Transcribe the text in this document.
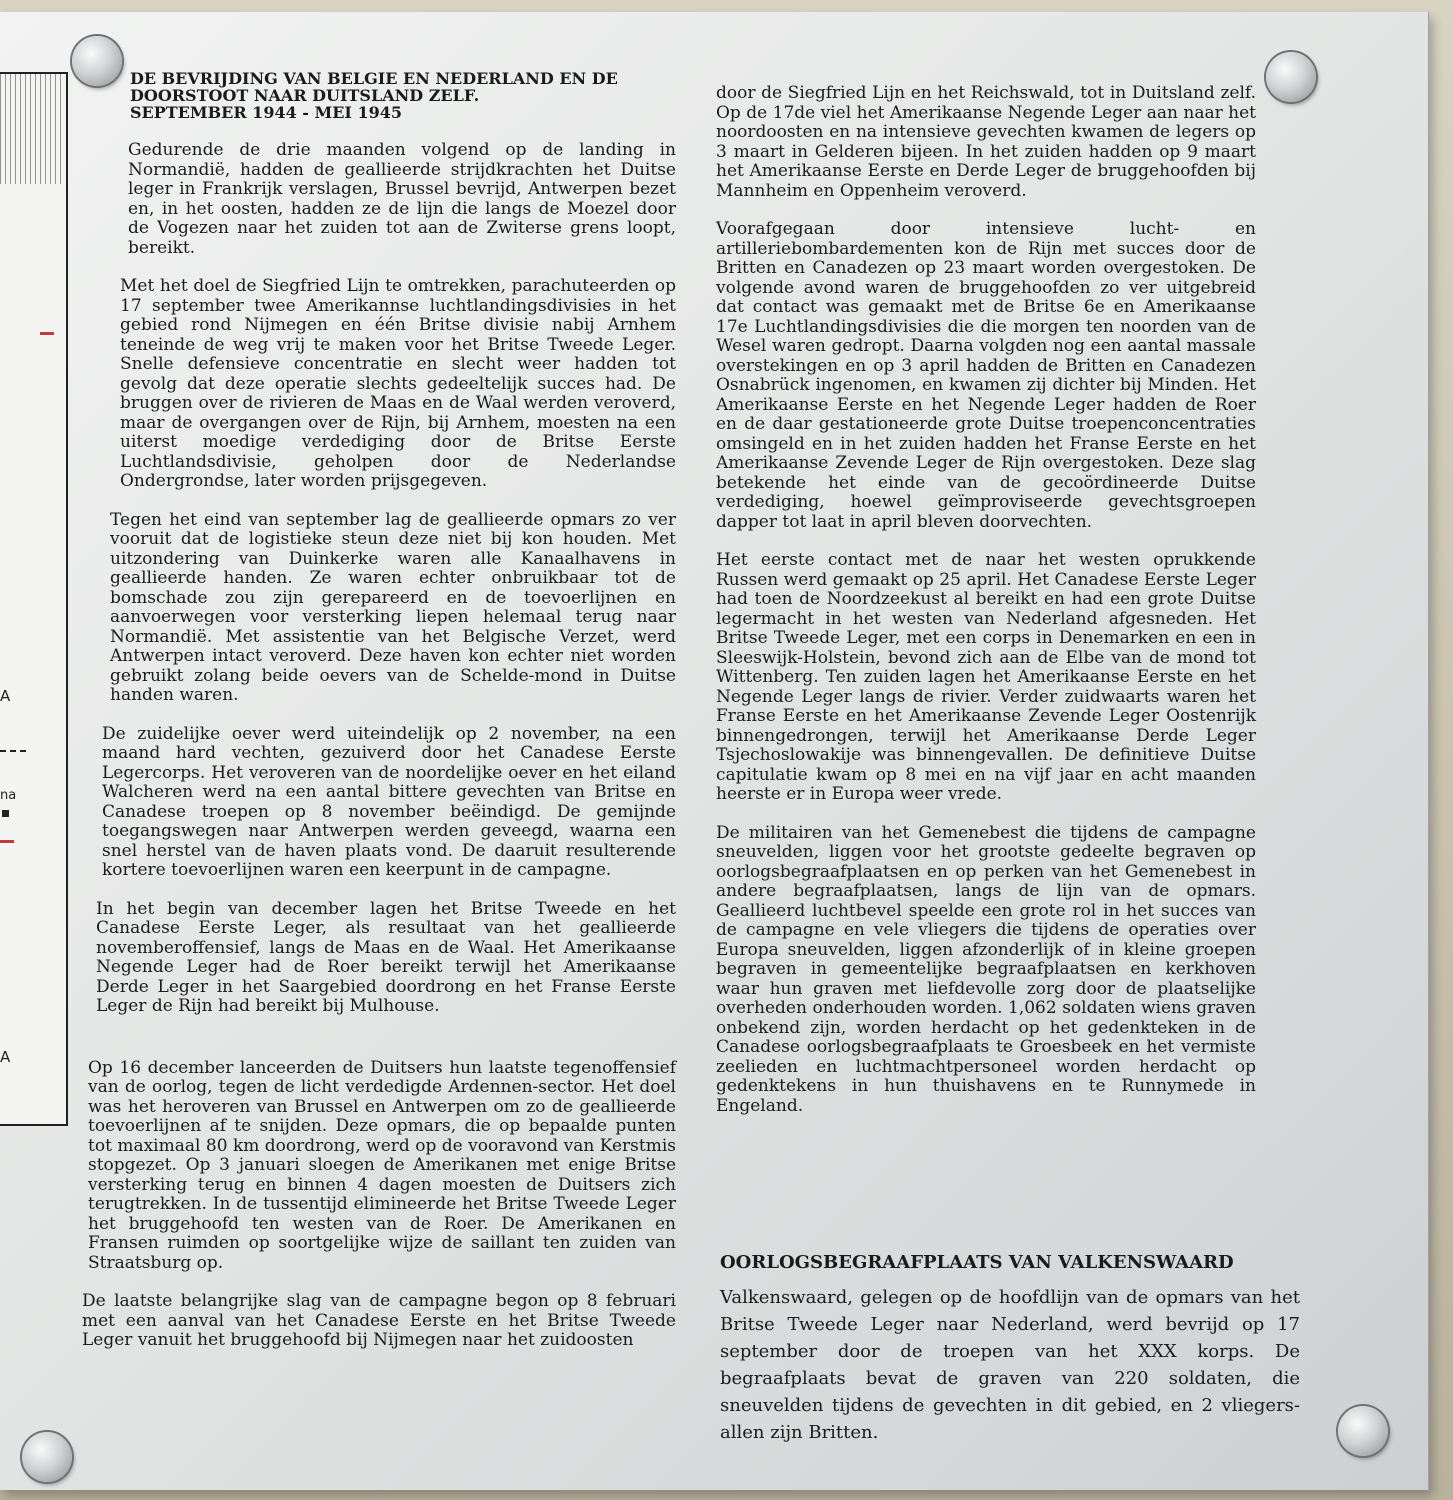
A
na
A
DE BEVRIJDING VAN BELGIE EN NEDERLAND EN DE
DOORSTOOT NAAR DUITSLAND ZELF.
SEPTEMBER 1944 - MEI 1945

Gedurende de drie maanden volgend op de landing in Normandië, hadden de geallieerde strijdkrachten het Duitse leger in Frankrijk verslagen, Brussel bevrijd, Antwerpen bezet en, in het oosten, hadden ze de lijn die langs de Moezel door de Vogezen naar het zuiden tot aan de Zwiterse grens loopt, bereikt.

Met het doel de Siegfried Lijn te omtrekken, parachuteerden op 17 september twee Amerikannse luchtlandingsdivisies in het gebied rond Nijmegen en één Britse divisie nabij Arnhem teneinde de weg vrij te maken voor het Britse Tweede Leger. Snelle defensieve concentratie en slecht weer hadden tot gevolg dat deze operatie slechts gedeeltelijk succes had. De bruggen over de rivieren de Maas en de Waal werden veroverd, maar de overgangen over de Rijn, bij Arnhem, moesten na een uiterst moedige verdediging door de Britse Eerste Luchtlandsdivisie, geholpen door de Nederlandse Ondergrondse, later worden prijsgegeven.

Tegen het eind van september lag de geallieerde opmars zo ver vooruit dat de logistieke steun deze niet bij kon houden. Met uitzondering van Duinkerke waren alle Kanaalhavens in geallieerde handen. Ze waren echter onbruikbaar tot de bomschade zou zijn gerepareerd en de toevoerlijnen en aanvoerwegen voor versterking liepen helemaal terug naar Normandië. Met assistentie van het Belgische Verzet, werd Antwerpen intact veroverd. Deze haven kon echter niet worden gebruikt zolang beide oevers van de Schelde-mond in Duitse handen waren.

De zuidelijke oever werd uiteindelijk op 2 november, na een maand hard vechten, gezuiverd door het Canadese Eerste Legercorps. Het veroveren van de noordelijke oever en het eiland Walcheren werd na een aantal bittere gevechten van Britse en Canadese troepen op 8 november beëindigd. De gemijnde toegangswegen naar Antwerpen werden geveegd, waarna een snel herstel van de haven plaats vond. De daaruit resulterende kortere toevoerlijnen waren een keerpunt in de campagne.

In het begin van december lagen het Britse Tweede en het Canadese Eerste Leger, als resultaat van het geallieerde novemberoffensief, langs de Maas en de Waal. Het Amerikaanse Negende Leger had de Roer bereikt terwijl het Amerikaanse Derde Leger in het Saargebied doordrong en het Franse Eerste Leger de Rijn had bereikt bij Mulhouse.

Op 16 december lanceerden de Duitsers hun laatste tegenoffensief van de oorlog, tegen de licht verdedigde Ardennen-sector. Het doel was het heroveren van Brussel en Antwerpen om zo de geallieerde toevoerlijnen af te snijden. Deze opmars, die op bepaalde punten tot maximaal 80 km doordrong, werd op de vooravond van Kerstmis stopgezet. Op 3 januari sloegen de Amerikanen met enige Britse versterking terug en binnen 4 dagen moesten de Duitsers zich terugtrekken. In de tussentijd elimineerde het Britse Tweede Leger het bruggehoofd ten westen van de Roer. De Amerikanen en Fransen ruimden op soortgelijke wijze de saillant ten zuiden van Straatsburg op.

De laatste belangrijke slag van de campagne begon op 8 februari met een aanval van het Canadese Eerste en het Britse Tweede Leger vanuit het bruggehoofd bij Nijmegen naar het zuidoosten

door de Siegfried Lijn en het Reichswald, tot in Duitsland zelf. Op de 17de viel het Amerikaanse Negende Leger aan naar het noordoosten en na intensieve gevechten kwamen de legers op 3 maart in Gelderen bijeen. In het zuiden hadden op 9 maart het Amerikaanse Eerste en Derde Leger de bruggehoofden bij Mannheim en Oppenheim veroverd.

Voorafgegaan door intensieve lucht- en artilleriebombardementen kon de Rijn met succes door de Britten en Canadezen op 23 maart worden overgestoken. De volgende avond waren de bruggehoofden zo ver uitgebreid dat contact was gemaakt met de Britse 6e en Amerikaanse 17e Luchtlandingsdivisies die die morgen ten noorden van de Wesel waren gedropt. Daarna volgden nog een aantal massale overstekingen en op 3 april hadden de Britten en Canadezen Osnabrück ingenomen, en kwamen zij dichter bij Minden. Het Amerikaanse Eerste en het Negende Leger hadden de Roer en de daar gestationeerde grote Duitse troepenconcentraties omsingeld en in het zuiden hadden het Franse Eerste en het Amerikaanse Zevende Leger de Rijn overgestoken. Deze slag betekende het einde van de gecoördineerde Duitse verdediging, hoewel geïmproviseerde gevechtsgroepen dapper tot laat in april bleven doorvechten.

Het eerste contact met de naar het westen oprukkende Russen werd gemaakt op 25 april. Het Canadese Eerste Leger had toen de Noordzeekust al bereikt en had een grote Duitse legermacht in het westen van Nederland afgesneden. Het Britse Tweede Leger, met een corps in Denemarken en een in Sleeswijk-Holstein, bevond zich aan de Elbe van de mond tot Wittenberg. Ten zuiden lagen het Amerikaanse Eerste en het Negende Leger langs de rivier. Verder zuidwaarts waren het Franse Eerste en het Amerikaanse Zevende Leger Oostenrijk binnengedrongen, terwijl het Amerikaanse Derde Leger Tsjechoslowakije was binnengevallen. De definitieve Duitse capitulatie kwam op 8 mei en na vijf jaar en acht maanden heerste er in Europa weer vrede.

De militairen van het Gemenebest die tijdens de campagne sneuvelden, liggen voor het grootste gedeelte begraven op oorlogsbegraafplaatsen en op perken van het Gemenebest in andere begraafplaatsen, langs de lijn van de opmars. Geallieerd luchtbevel speelde een grote rol in het succes van de campagne en vele vliegers die tijdens de operaties over Europa sneuvelden, liggen afzonderlijk of in kleine groepen begraven in gemeentelijke begraafplaatsen en kerkhoven waar hun graven met liefdevolle zorg door de plaatselijke overheden onderhouden worden. 1,062 soldaten wiens graven onbekend zijn, worden herdacht op het gedenkteken in de Canadese oorlogsbegraafplaats te Groesbeek en het vermiste zeelieden en luchtmachtpersoneel worden herdacht op gedenktekens in hun thuishavens en te Runnymede in Engeland.

OORLOGSBEGRAAFPLAATS VAN VALKENSWAARD
Valkenswaard, gelegen op de hoofdlijn van de opmars van het Britse Tweede Leger naar Nederland, werd bevrijd op 17 september door de troepen van het XXX korps. De begraafplaats bevat de graven van 220 soldaten, die sneuvelden tijdens de gevechten in dit gebied, en 2 vliegers-allen zijn Britten.
